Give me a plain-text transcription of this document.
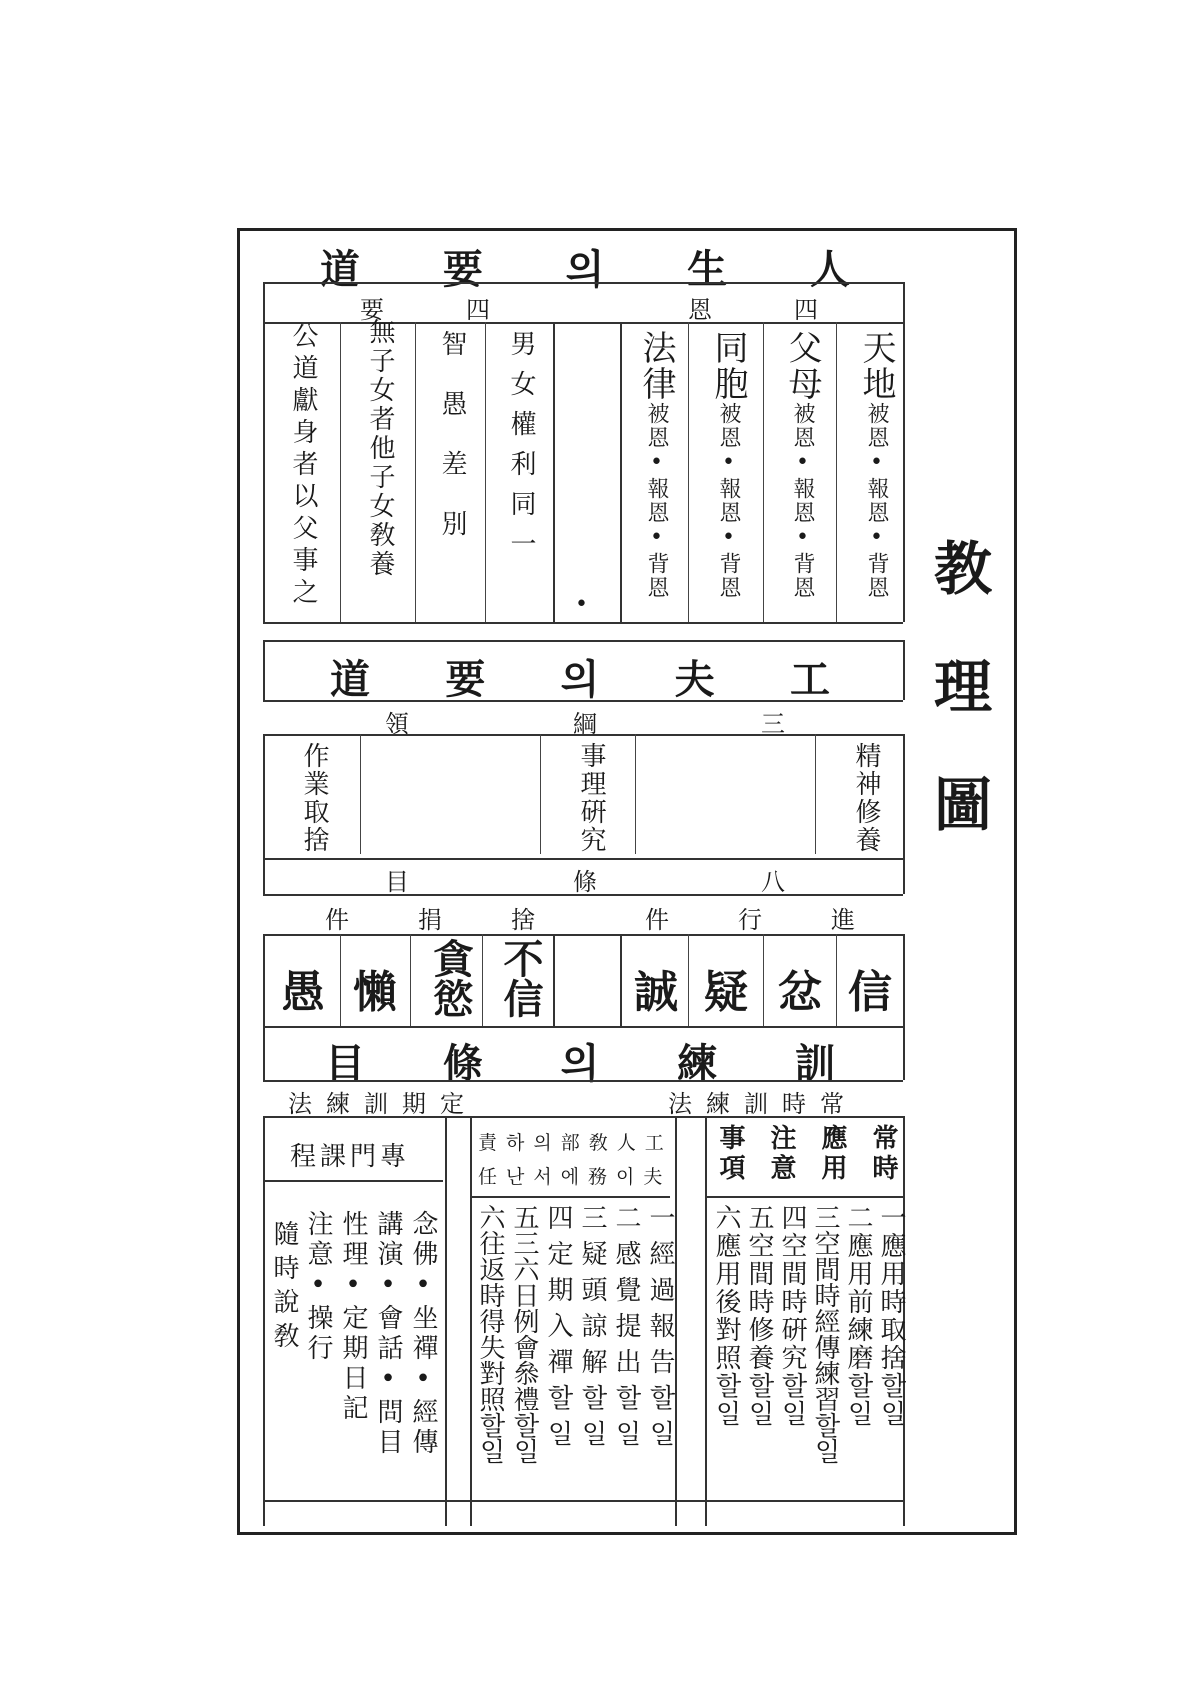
教
理
圖
人
生
의
要
道
四
恩
四
要
天地被恩•報恩•背恩
父母被恩•報恩•背恩
同胞被恩•報恩•背恩
法律被恩•報恩•背恩
•
男女權利同一
智愚差別
無子女者他子女敎養
公道獻身者以父事之
工
夫
의
要
道
三
綱
領
精神修養
事理硏究
作業取捨
八
條
目
進
行
件
捨
捐
件
信
忿
疑
誠
不信
貪慾
懶
愚
訓
練
의
條
目
常時訓練法
定期訓練法
常時
應用
注意
事項
工人敎部의하責
夫이務에서난任
專門課程
一應用時取捨할일
二應用前練磨할일
三空間時經傳練習할일
四空間時硏究할일
五空間時修養할일
六應用後對照할일
一經過報告할일
二感覺提出할일
三疑頭諒解할일
四定期入禪할일
五三六日例會叅禮할일
六往返時得失對照할일
念佛•坐禪•經傳
講演•會話•問目
性理•定期日記
注意•操行
隨時說敎
